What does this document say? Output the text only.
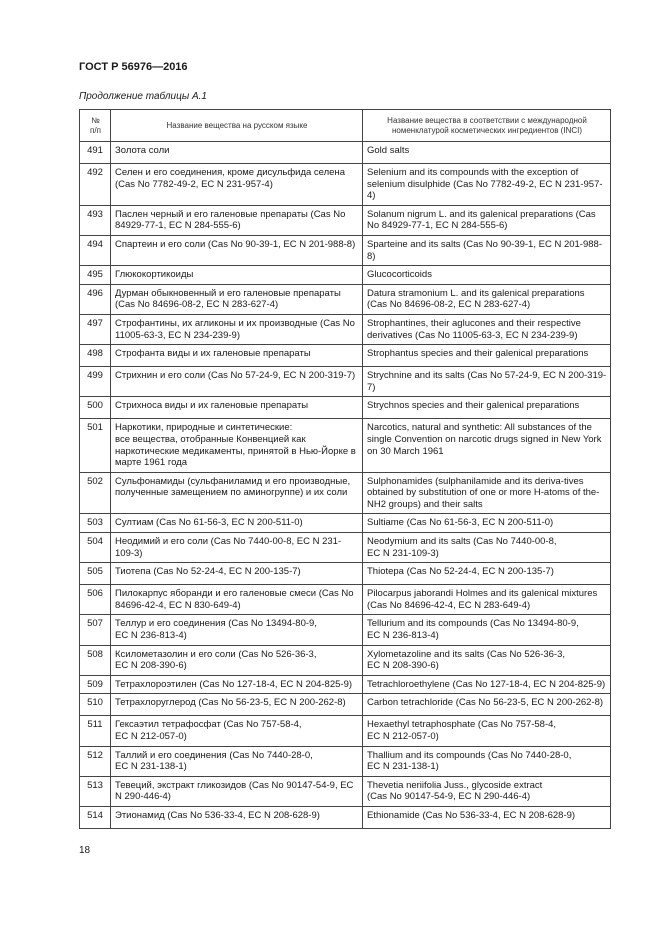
ГОСТ Р 56976—2016
Продолжение таблицы А.1
№
п/п	Название вещества на русском языке	Название вещества в соответствии с международной номенклатурой косметических ингредиентов (INCI)
491	Золота соли	Gold salts
492	Селен и его соединения, кроме дисульфида селена (Cas No 7782-49-2, EC N 231-957-4)	Selenium and its compounds with the exception of selenium disulphide (Cas No 7782-49-2, EC N 231-957-4)
493	Паслен черный и его галеновые препараты (Cas No 84929-77-1, EC N 284-555-6)	Solanum nigrum L. and its galenical preparations (Cas No 84929-77-1, EC N 284-555-6)
494	Спартеин и его соли (Cas No 90-39-1, EC N 201-988-8)	Sparteine and its salts (Cas No 90-39-1, EC N 201-988-8)
495	Глюкокортикоиды	Glucocorticoids
496	Дурман обыкновенный и его галеновые препараты (Cas No 84696-08-2, EC N 283-627-4)	Datura stramonium L. and its galenical preparations (Cas No 84696-08-2, EC N 283-627-4)
497	Строфантины, их агликоны и их производные (Cas No 11005-63-3, EC N 234-239-9)	Strophantines, their aglucones and their respective derivatives (Cas No 11005-63-3, EC N 234-239-9)
498	Строфанта виды и их галеновые препараты	Strophantus species and their galenical preparations
499	Стрихнин и его соли (Cas No 57-24-9, EC N 200-319-7)	Strychnine and its salts (Cas No 57-24-9, EC N 200-319-7)
500	Стрихноса виды и их галеновые препараты	Strychnos species and their galenical preparations
501	Наркотики, природные и синтетические:
все вещества, отобранные Конвенцией как наркотические медикаменты, принятой в Нью-Йорке в марте 1961 года	Narcotics, natural and synthetic: All substances of the single Convention on narcotic drugs signed in New York on 30 March 1961
502	Сульфонамиды (сульфаниламид и его производные, полученные замещением по аминогруппе) и их соли	Sulphonamides (sulphanilamide and its deriva-tives obtained by substitution of one or more H-atoms of the-NH2 groups) and their salts
503	Султиам (Cas No 61-56-3, EC N 200-511-0)	Sultiame (Cas No 61-56-3, EC N 200-511-0)
504	Неодимий и его соли (Cas No 7440-00-8, EC N 231-109-3)	Neodymium and its salts (Cas No 7440-00-8,
EC N 231-109-3)
505	Тиотепа (Cas No 52-24-4, EC N 200-135-7)	Thiotepa (Cas No 52-24-4, EC N 200-135-7)
506	Пилокарпус яборанди и его галеновые смеси (Cas No 84696-42-4, EC N 830-649-4)	Pilocarpus jaborandi Holmes and its galenical mixtures (Cas No 84696-42-4, EC N 283-649-4)
507	Теллур и его соединения (Cas No 13494-80-9,
EC N 236-813-4)	Tellurium and its compounds (Cas No 13494-80-9,
EC N 236-813-4)
508	Ксилометазолин и его соли (Cas No 526-36-3,
EC N 208-390-6)	Xylometazoline and its salts (Cas No 526-36-3,
EC N 208-390-6)
509	Тетрахлороэтилен (Cas No 127-18-4, EC N 204-825-9)	Tetrachloroethylene (Cas No 127-18-4, EC N 204-825-9)
510	Тетрахлоруглерод (Cas No 56-23-5, EC N 200-262-8)	Carbon tetrachloride (Cas No 56-23-5, EC N 200-262-8)
511	Гексаэтил тетрафосфат (Cas No 757-58-4,
EC N 212-057-0)	Hexaethyl tetraphosphate (Cas No 757-58-4,
EC N 212-057-0)
512	Таллий и его соединения (Cas No 7440-28-0,
EC N 231-138-1)	Thallium and its compounds (Cas No 7440-28-0,
EC N 231-138-1)
513	Тевеций, экстракт гликозидов (Cas No 90147-54-9, EC N 290-446-4)	Thevetia neriifolia Juss., glycoside extract
(Cas No 90147-54-9, EC N 290-446-4)
514	Этионамид (Cas No 536-33-4, EC N 208-628-9)	Ethionamide (Cas No 536-33-4, EC N 208-628-9)
18
